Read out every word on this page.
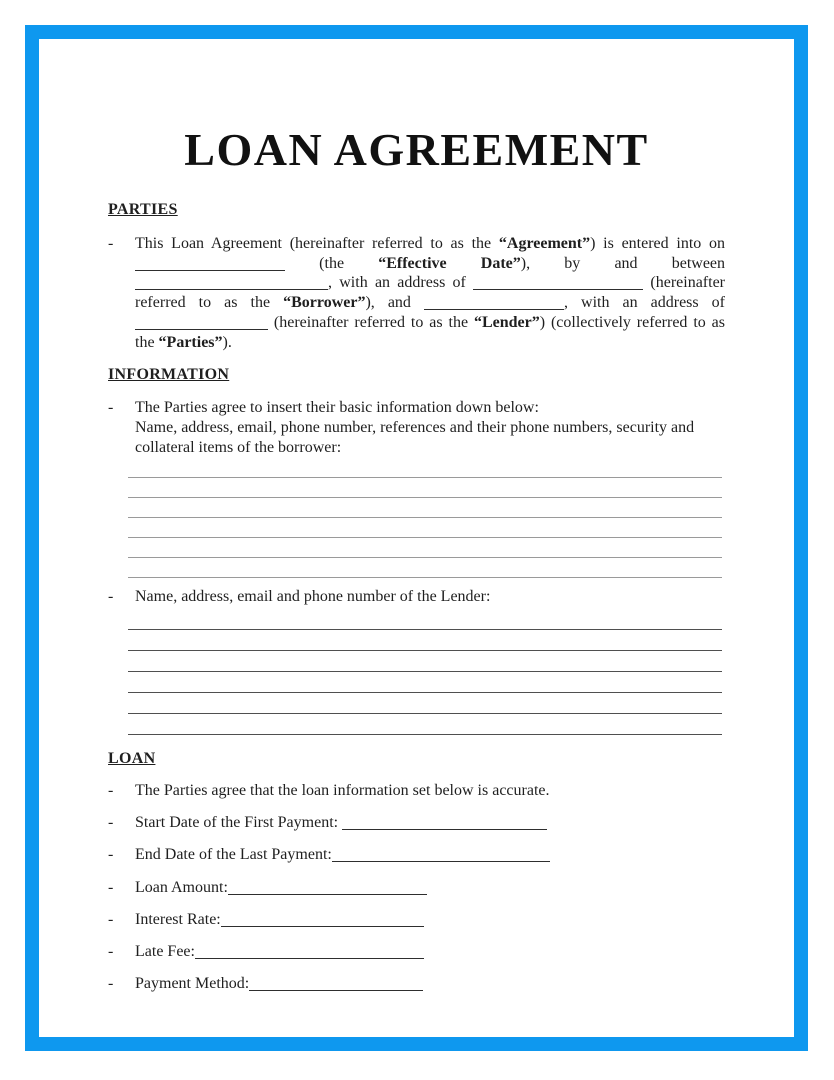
LOAN AGREEMENT
PARTIES
-	This Loan Agreement (hereinafter referred to as the “Agreement”) is entered into on  (the “Effective Date”), by and between , with an address of	(hereinafter referred to as the “Borrower”), and	, with an address of  (hereinafter referred to as the “Lender”) (collectively referred to as the “Parties”).
INFORMATION
-	The Parties agree to insert their basic information down below:
Name, address, email, phone number, references and their phone numbers, security and collateral items of the borrower:
-	Name, address, email and phone number of the Lender:
LOAN
-	The Parties agree that the loan information set below is accurate.
-	Start Date of the First Payment:
-	End Date of the Last Payment:
-	Loan Amount:
-	Interest Rate:
-	Late Fee:
-	Payment Method:
